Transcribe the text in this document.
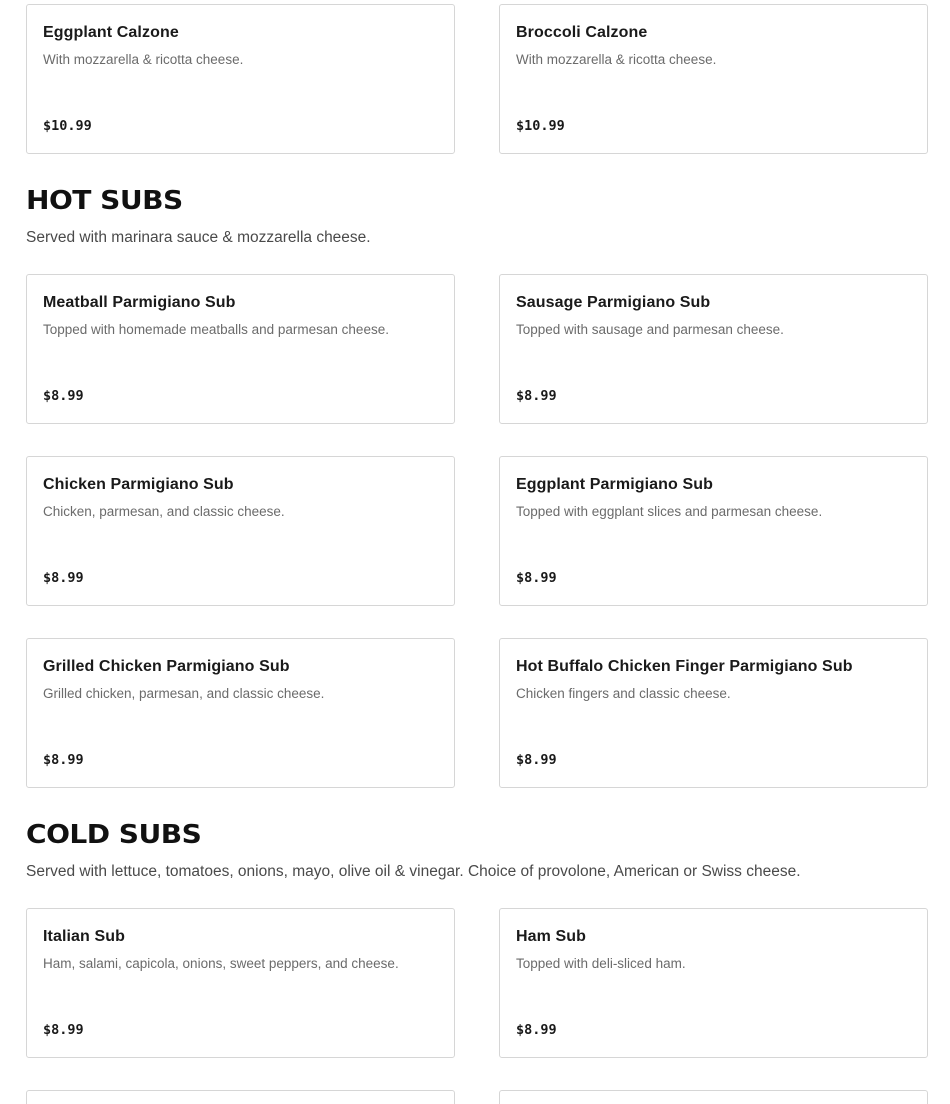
Eggplant Calzone
With mozzarella & ricotta cheese.
$10.99
Broccoli Calzone
With mozzarella & ricotta cheese.
$10.99
HOT SUBS

Served with marinara sauce & mozzarella cheese.

Meatball Parmigiano Sub
Topped with homemade meatballs and parmesan cheese.
$8.99
Sausage Parmigiano Sub
Topped with sausage and parmesan cheese.
$8.99
Chicken Parmigiano Sub
Chicken, parmesan, and classic cheese.
$8.99
Eggplant Parmigiano Sub
Topped with eggplant slices and parmesan cheese.
$8.99
Grilled Chicken Parmigiano Sub
Grilled chicken, parmesan, and classic cheese.
$8.99
Hot Buffalo Chicken Finger Parmigiano Sub
Chicken fingers and classic cheese.
$8.99
COLD SUBS

Served with lettuce, tomatoes, onions, mayo, olive oil & vinegar. Choice of provolone, American or Swiss cheese.

Italian Sub
Ham, salami, capicola, onions, sweet peppers, and cheese.
$8.99
Ham Sub
Topped with deli-sliced ham.
$8.99
